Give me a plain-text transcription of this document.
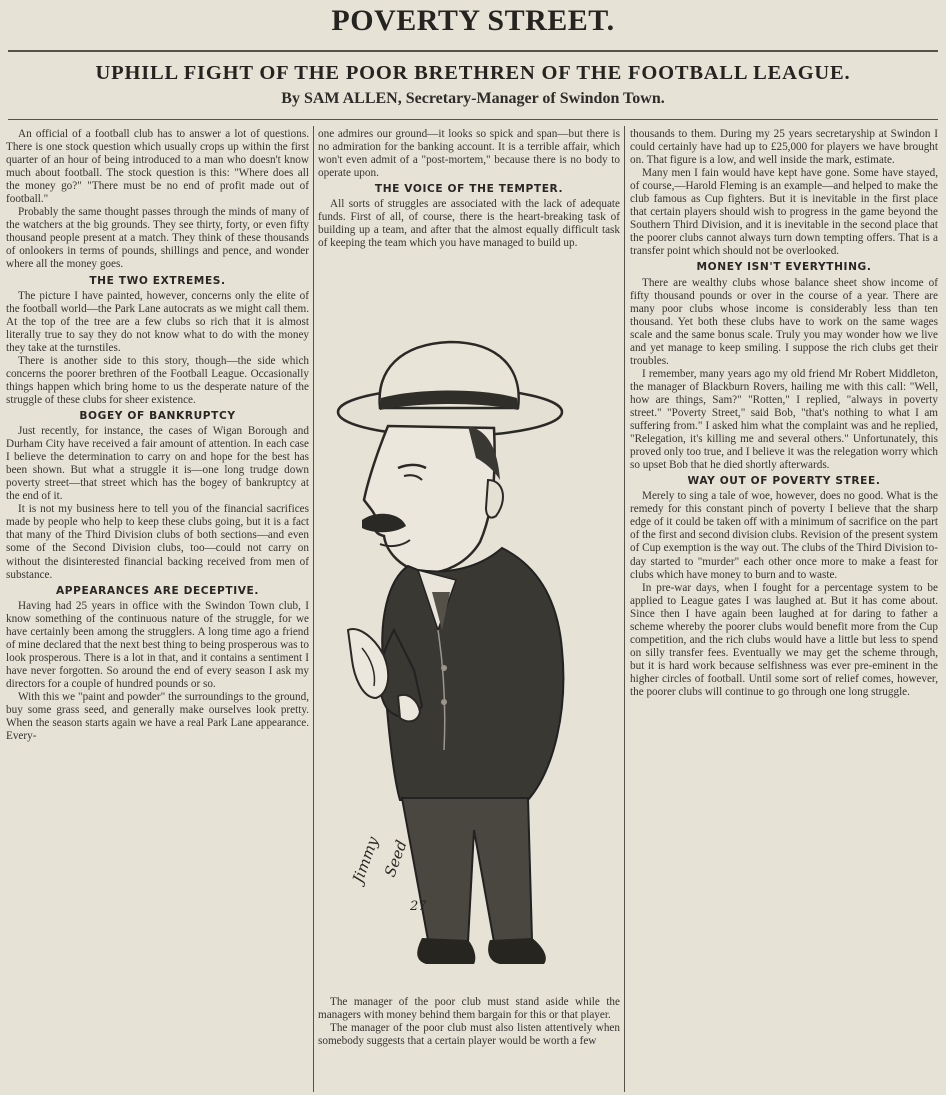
POVERTY STREET.
UPHILL FIGHT OF THE POOR BRETHREN OF THE FOOTBALL LEAGUE.
By SAM ALLEN, Secretary-Manager of Swindon Town.

An official of a football club has to answer a lot of questions. There is one stock question which usually crops up within the first quarter of an hour of being introduced to a man who doesn't know much about football. The stock question is this: "Where does all the money go?" "There must be no end of profit made out of football."

Probably the same thought passes through the minds of many of the watchers at the big grounds. They see thirty, forty, or even fifty thousand people present at a match. They think of these thousands of onlookers in terms of pounds, shillings and pence, and wonder where all the money goes.

THE TWO EXTREMES.

The picture I have painted, however, concerns only the elite of the football world—the Park Lane autocrats as we might call them. At the top of the tree are a few clubs so rich that it is almost literally true to say they do not know what to do with the money they take at the turnstiles.

There is another side to this story, though—the side which concerns the poorer brethren of the Football League. Occasionally things happen which bring home to us the desperate nature of the struggle of these clubs for sheer existence.

BOGEY OF BANKRUPTCY

Just recently, for instance, the cases of Wigan Borough and Durham City have received a fair amount of attention. In each case I believe the determination to carry on and hope for the best has been shown. But what a struggle it is—one long trudge down poverty street—that street which has the bogey of bankruptcy at the end of it.

It is not my business here to tell you of the financial sacrifices made by people who help to keep these clubs going, but it is a fact that many of the Third Division clubs of both sections—and even some of the Second Division clubs, too—could not carry on without the disinterested financial backing received from men of substance.

APPEARANCES ARE DECEPTIVE.

Having had 25 years in office with the Swindon Town club, I know something of the continuous nature of the struggle, for we have certainly been among the strugglers. A long time ago a friend of mine declared that the next best thing to being prosperous was to look prosperous. There is a lot in that, and it contains a sentiment I have never forgotten. So around the end of every season I ask my directors for a couple of hundred pounds or so.

With this we "paint and powder" the surroundings to the ground, buy some grass seed, and generally make ourselves look pretty. When the season starts again we have a real Park Lane appearance. Every-

one admires our ground—it looks so spick and span—but there is no admiration for the banking account. It is a terrible affair, which won't even admit of a "post-mortem," because there is no body to operate upon.

THE VOICE OF THE TEMPTER.

All sorts of struggles are associated with the lack of adequate funds. First of all, of course, there is the heart-breaking task of building up a team, and after that the almost equally difficult task of keeping the team which you have managed to build up.

Jimmy
Seed
27

The manager of the poor club must stand aside while the managers with money behind them bargain for this or that player.

The manager of the poor club must also listen attentively when somebody suggests that a certain player would be worth a few

thousands to them. During my 25 years secretaryship at Swindon I could certainly have had up to £25,000 for players we have brought on. That figure is a low, and well inside the mark, estimate.

Many men I fain would have kept have gone. Some have stayed, of course,—Harold Fleming is an example—and helped to make the club famous as Cup fighters. But it is inevitable in the first place that certain players should wish to progress in the game beyond the Southern Third Division, and it is inevitable in the second place that the poorer clubs cannot always turn down tempting offers. That is a transfer point which should not be overlooked.

MONEY ISN'T EVERYTHING.

There are wealthy clubs whose balance sheet show income of fifty thousand pounds or over in the course of a year. There are many poor clubs whose income is considerably less than ten thousand. Yet both these clubs have to work on the same wages scale and the same bonus scale. Truly you may wonder how we live and yet manage to keep smiling. I suppose the rich clubs get their troubles.

I remember, many years ago my old friend Mr Robert Middleton, the manager of Blackburn Rovers, hailing me with this call: "Well, how are things, Sam?" "Rotten," I replied, "always in poverty street." "Poverty Street," said Bob, "that's nothing to what I am suffering from." I asked him what the complaint was and he replied, "Relegation, it's killing me and several others." Unfortunately, this proved only too true, and I believe it was the relegation worry which so upset Bob that he died shortly afterwards.

WAY OUT OF POVERTY STREE.

Merely to sing a tale of woe, however, does no good. What is the remedy for this constant pinch of poverty I believe that the sharp edge of it could be taken off with a minimum of sacrifice on the part of the first and second division clubs. Revision of the present system of Cup exemption is the way out. The clubs of the Third Division to-day started to "murder" each other once more to make a feast for clubs which have money to burn and to waste.

In pre-war days, when I fought for a percentage system to be applied to League gates I was laughed at. But it has come about. Since then I have again been laughed at for daring to father a scheme whereby the poorer clubs would benefit more from the Cup competition, and the rich clubs would have a little but less to spend on silly transfer fees. Eventually we may get the scheme through, but it is hard work because selfishness was ever pre-eminent in the higher circles of football. Until some sort of relief comes, however, the poorer clubs will continue to go through one long struggle.
